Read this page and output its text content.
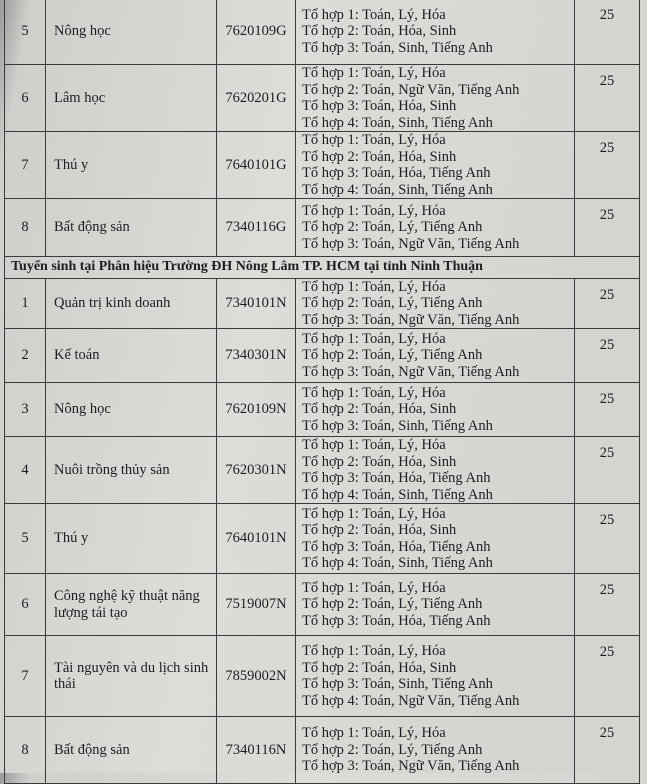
5	Nông học	7620109G	Tổ hợp 1: Toán, Lý, Hóa
Tổ hợp 2: Toán, Hóa, Sinh
Tổ hợp 3: Toán, Sinh, Tiếng Anh	25
6	Lâm học	7620201G	Tổ hợp 1: Toán, Lý, Hóa
Tổ hợp 2: Toán, Ngữ Văn, Tiếng Anh
Tổ hợp 3: Toán, Hóa, Sinh
Tổ hợp 4: Toán, Sinh, Tiếng Anh	25
7	Thú y	7640101G	Tổ hợp 1: Toán, Lý, Hóa
Tổ hợp 2: Toán, Hóa, Sinh
Tổ hợp 3: Toán, Hóa, Tiếng Anh
Tổ hợp 4: Toán, Sinh, Tiếng Anh	25
8	Bất động sản	7340116G	Tổ hợp 1: Toán, Lý, Hóa
Tổ hợp 2: Toán, Lý, Tiếng Anh
Tổ hợp 3: Toán, Ngữ Văn, Tiếng Anh	25
Tuyển sinh tại Phân hiệu Trường ĐH Nông Lâm TP. HCM tại tỉnh Ninh Thuận				
1	Quản trị kinh doanh	7340101N	Tổ hợp 1: Toán, Lý, Hóa
Tổ hợp 2: Toán, Lý, Tiếng Anh
Tổ hợp 3: Toán, Ngữ Văn, Tiếng Anh	25
2	Kế toán	7340301N	Tổ hợp 1: Toán, Lý, Hóa
Tổ hợp 2: Toán, Lý, Tiếng Anh
Tổ hợp 3: Toán, Ngữ Văn, Tiếng Anh	25
3	Nông học	7620109N	Tổ hợp 1: Toán, Lý, Hóa
Tổ hợp 2: Toán, Hóa, Sinh
Tổ hợp 3: Toán, Sinh, Tiếng Anh	25
4	Nuôi trồng thủy sản	7620301N	Tổ hợp 1: Toán, Lý, Hóa
Tổ hợp 2: Toán, Hóa, Sinh
Tổ hợp 3: Toán, Hóa, Tiếng Anh
Tổ hợp 4: Toán, Sinh, Tiếng Anh	25
5	Thú y	7640101N	Tổ hợp 1: Toán, Lý, Hóa
Tổ hợp 2: Toán, Hóa, Sinh
Tổ hợp 3: Toán, Hóa, Tiếng Anh
Tổ hợp 4: Toán, Sinh, Tiếng Anh	25
6	Công nghệ kỹ thuật năng lượng tái tạo	7519007N	Tổ hợp 1: Toán, Lý, Hóa
Tổ hợp 2: Toán, Lý, Tiếng Anh
Tổ hợp 3: Toán, Hóa, Tiếng Anh	25
7	Tài nguyên và du lịch sinh thái	7859002N	Tổ hợp 1: Toán, Lý, Hóa
Tổ hợp 2: Toán, Hóa, Sinh
Tổ hợp 3: Toán, Sinh, Tiếng Anh
Tổ hợp 4: Toán, Ngữ Văn, Tiếng Anh	25
8	Bất động sản	7340116N	Tổ hợp 1: Toán, Lý, Hóa
Tổ hợp 2: Toán, Lý, Tiếng Anh
Tổ hợp 3: Toán, Ngữ Văn, Tiếng Anh	25
